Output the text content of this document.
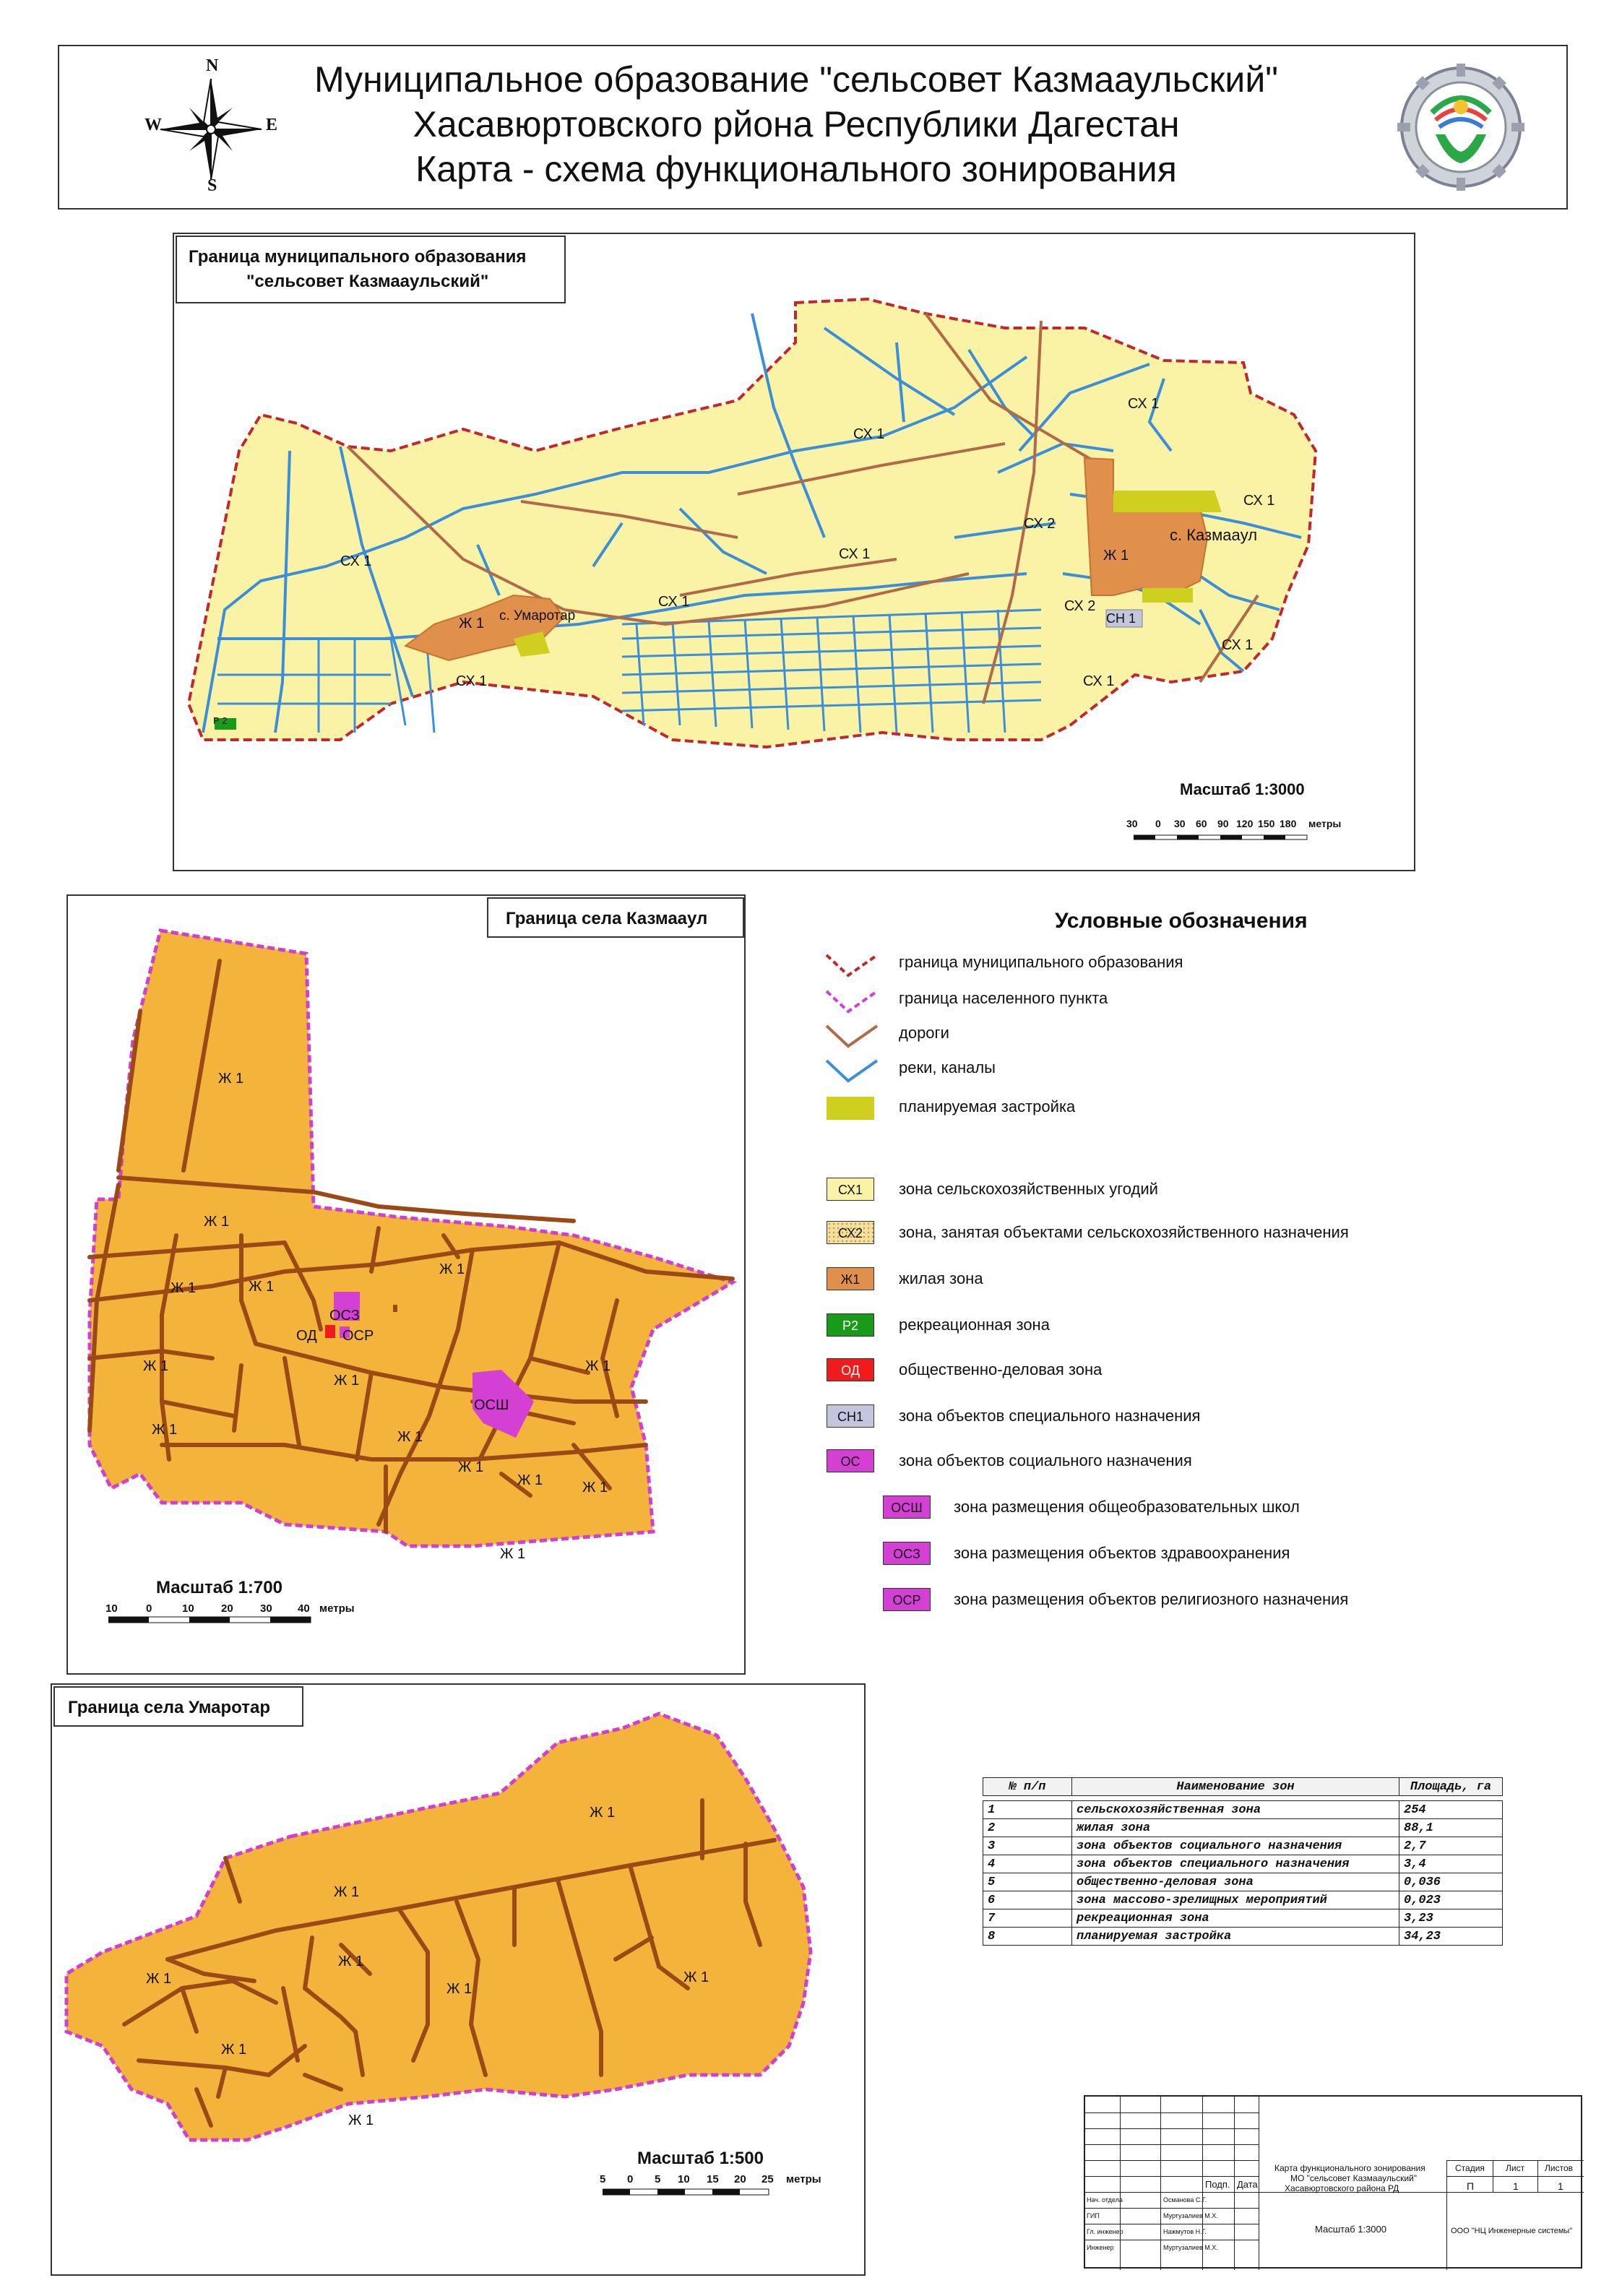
N
S
W	E
Муниципальное образование "сельсовет Казмааульский"
Хасавюртовского рйона Республики Дагестан
Карта - схема функционального зонирования
Граница муниципального образования
"сельсовет Казмааульский"
СХ 1
СХ 1
СХ 1
СХ 1	СХ 1
СХ 1
СХ 1
СХ 1	СХ 1
СХ 2
СХ 2
Ж 1
Ж 1	СН 1
с. Умаротар
с. Казмаaул
Р 2
Масштаб 1:3000
30 0 30 60 90 120 150 180 метры
Граница села Казмаaул
Ж 1
Ж 1
Ж 1	Ж 1
Ж 1
Ж 1
Ж 1
Ж 1
Ж 1	Ж 1
Ж 1
Ж 1	Ж 1
Ж 1
ОСЗ
ОД ОСР
ОСШ
Масштаб 1:700
10	0	10 20 30 40 метры
Условные обозначения
граница муниципального образования
граница населенного пункта
дороги
реки, каналы
планируемая застройка
СХ1	зона сельскохозяйственных угодий
СХ2	зона, занятая объектами сельскохозяйственного назначения
Ж1	жилая зона
Р2	рекреационная зона
ОД	общественно-деловая зона
СН1	зона объектов специального назначения
ОС	зона объектов социального назначения
ОСШ	зона размещения общеобразовательных школ
ОСЗ	зона размещения объектов здравоохранения
ОСР	зона размещения объектов религиозного назначения
Граница села Умаротар
Ж 1
Ж 1
Ж 1
Ж 1
Ж 1
Ж 1
Ж 1
Ж 1
Масштаб 1:500
5 0 5 10 15 20 25 метры
№ п/п	Наименование зон	Площадь, га

1	сельскохозяйственная зона	254
2	жилая зона	88,1
3	зона объектов социального назначения	2,7
4	зона объектов специального назначения	3,4
5	общественно-деловая зона	0,036
6	зона массово-зрелищных мероприятий	0,023
7	рекреационная зона	3,23
8	планируемая застройка	34,23
Подп. Дата
Нач. отдела	Османова С.Г.
ГИП	Муртузалиев М.Х.
Гл. инженер	Нажмутов Н.Г.
Инженер	Муртузалиев М.Х.
Карта функционального зонирования
МО "сельсовет Казмааульский"
Хасавюртовского района РД
Стадия Лист Листов
П	1	1
Масштаб 1:3000	ООО "НЦ Инженерные системы"
